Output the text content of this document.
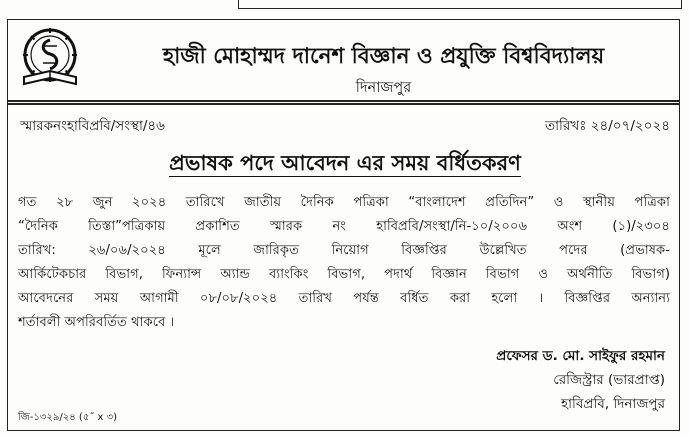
হাজী মোহাম্মদ দানেশ বিজ্ঞান ও প্রযুক্তি বিশ্ববিদ্যালয়
দিনাজপুর
স্মারকনংহাবিপ্রবি/সংস্থা/৪৬	তারিখঃ ২৪/০৭/২০২৪
প্রভাষক পদে আবেদন এর সময় বর্ধিতকরণ
গত ২৮ জুন ২০২৪ তারিখে জাতীয় দৈনিক পত্রিকা “বাংলাদেশ প্রতিদিন” ও স্থানীয় পত্রিকা
“দৈনিক তিস্তা”পত্রিকায় প্রকাশিত স্মারক নং হাবিপ্রবি/সংস্থা/নি-১০/২০০৬ অংশ (১)/২৩০৪
তারিখ: ২৬/০৬/২০২৪ মূলে জারিকৃত নিয়োগ বিজ্ঞপ্তির উল্লেখিত পদের (প্রভাষক-
আর্কিটেকচার বিভাগ, ফিন্যান্স অ্যান্ড ব্যাংকিং বিভাগ, পদার্থ বিজ্ঞান বিভাগ ও অর্থনীতি বিভাগ)
আবেদনের সময় আগামী ০৮/০৮/২০২৪ তারিখ পর্যন্ত বর্ধিত করা হলো । বিজ্ঞপ্তির অন্যান্য
শর্তাবলী অপরিবর্তিত থাকবে ।
প্রফেসর ড. মো. সাইফুর রহমান
রেজিস্ট্রার (ভারপ্রাপ্ত)
হাবিপ্রবি, দিনাজপুর
জি-১৩২৯/২৪ (৫˝ x ৩)
